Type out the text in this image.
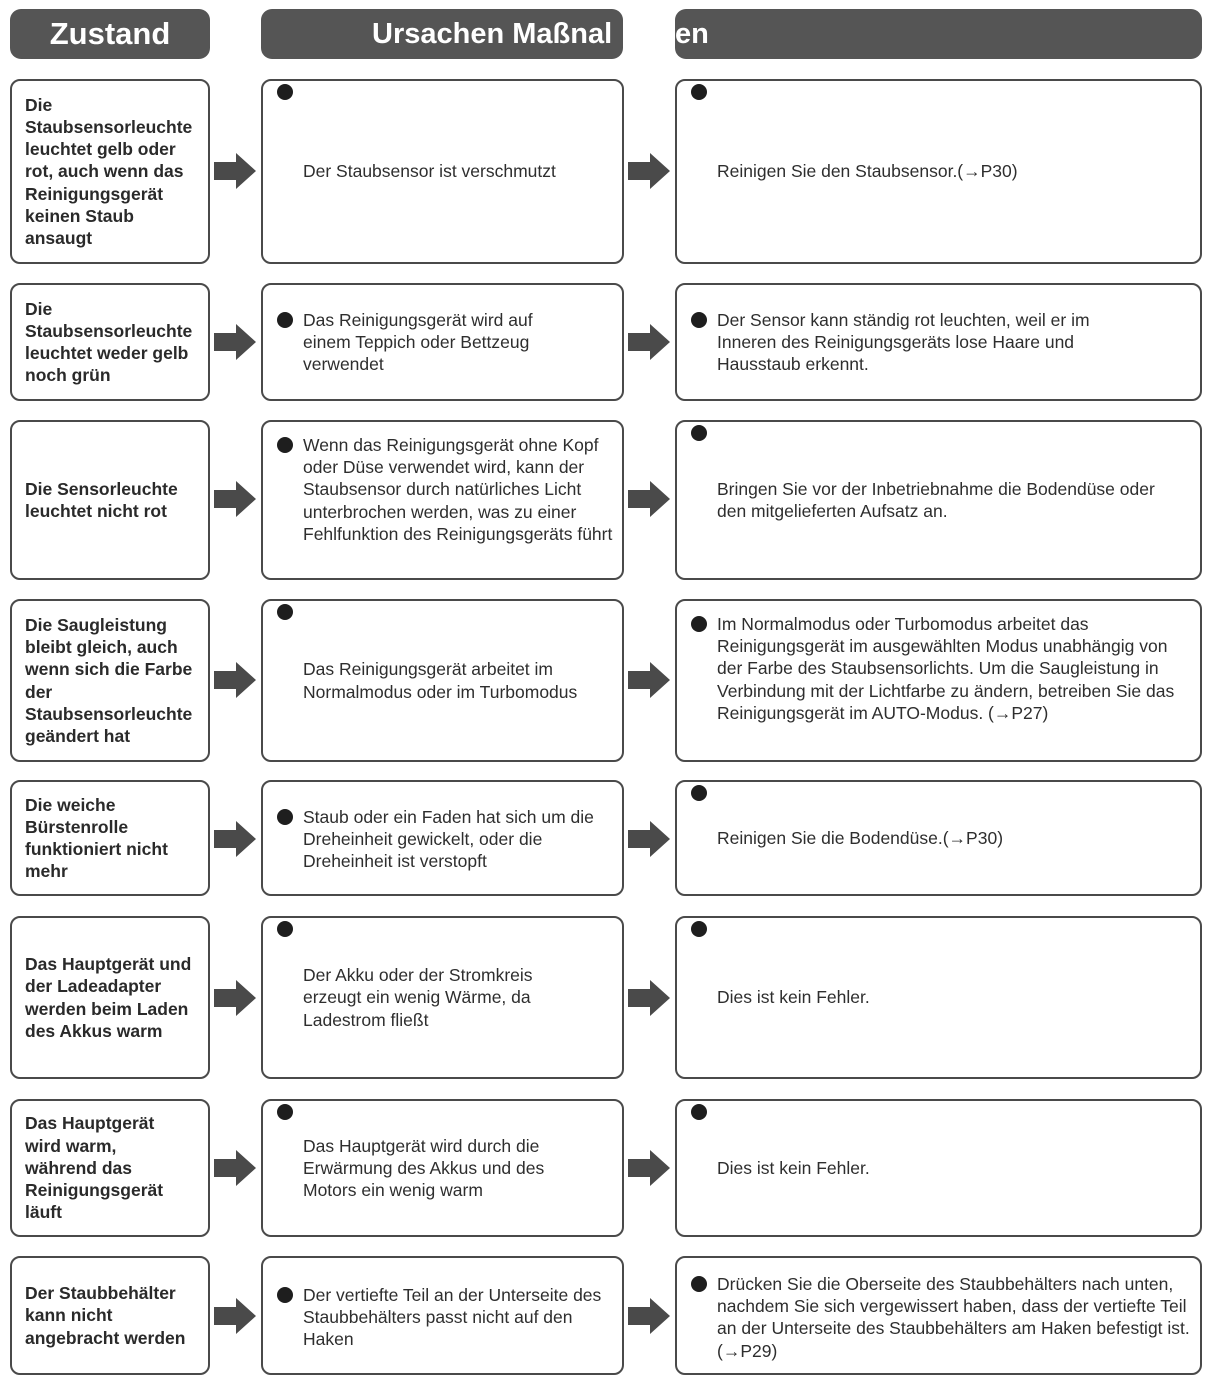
Zustand	Ursachen Maßnal en
Die Staubsensorleuchte leuchtet gelb oder rot, auch wenn das Reinigungsgerät keinen Staub ansaugt
Der Staubsensor ist verschmutzt	Reinigen Sie den Staubsensor.(→P30)
Die Staubsensorleuchte leuchtet weder gelb noch grün
Das Reinigungsgerät wird auf einem Teppich oder Bettzeug verwendet
Der Sensor kann ständig rot leuchten, weil er im Inneren des Reinigungsgeräts lose Haare und Hausstaub erkennt.
Die Sensorleuchte leuchtet nicht rot
Wenn das Reinigungsgerät ohne Kopf oder Düse verwendet wird, kann der Staubsensor durch natürliches Licht unterbrochen werden, was zu einer Fehlfunktion des Reinigungsgeräts führt
Bringen Sie vor der Inbetriebnahme die Bodendüse oder den mitgelieferten Aufsatz an.
Die Saugleistung bleibt gleich, auch wenn sich die Farbe der Staubsensorleuchte geändert hat
Das Reinigungsgerät arbeitet im Normalmodus oder im Turbomodus
Im Normalmodus oder Turbomodus arbeitet das Reinigungsgerät im ausgewählten Modus unabhängig von der Farbe des Staubsensorlichts. Um die Saugleistung in Verbindung mit der Lichtfarbe zu ändern, betreiben Sie das Reinigungsgerät im AUTO-Modus. (→P27)
Die weiche Bürstenrolle funktioniert nicht mehr
Staub oder ein Faden hat sich um die Dreheinheit gewickelt, oder die Dreheinheit ist verstopft
Reinigen Sie die Bodendüse.(→P30)
Das Hauptgerät und der Ladeadapter werden beim Laden des Akkus warm
Der Akku oder der Stromkreis erzeugt ein wenig Wärme, da Ladestrom fließt
Dies ist kein Fehler.
Das Hauptgerät wird warm, während das Reinigungsgerät läuft
Das Hauptgerät wird durch die Erwärmung des Akkus und des Motors ein wenig warm
Dies ist kein Fehler.
Der Staubbehälter kann nicht angebracht werden
Der vertiefte Teil an der Unterseite des Staubbehälters passt nicht auf den Haken
Drücken Sie die Oberseite des Staubbehälters nach unten, nachdem Sie sich vergewissert haben, dass der vertiefte Teil an der Unterseite des Staubbehälters am Haken befestigt ist. (→P29)
